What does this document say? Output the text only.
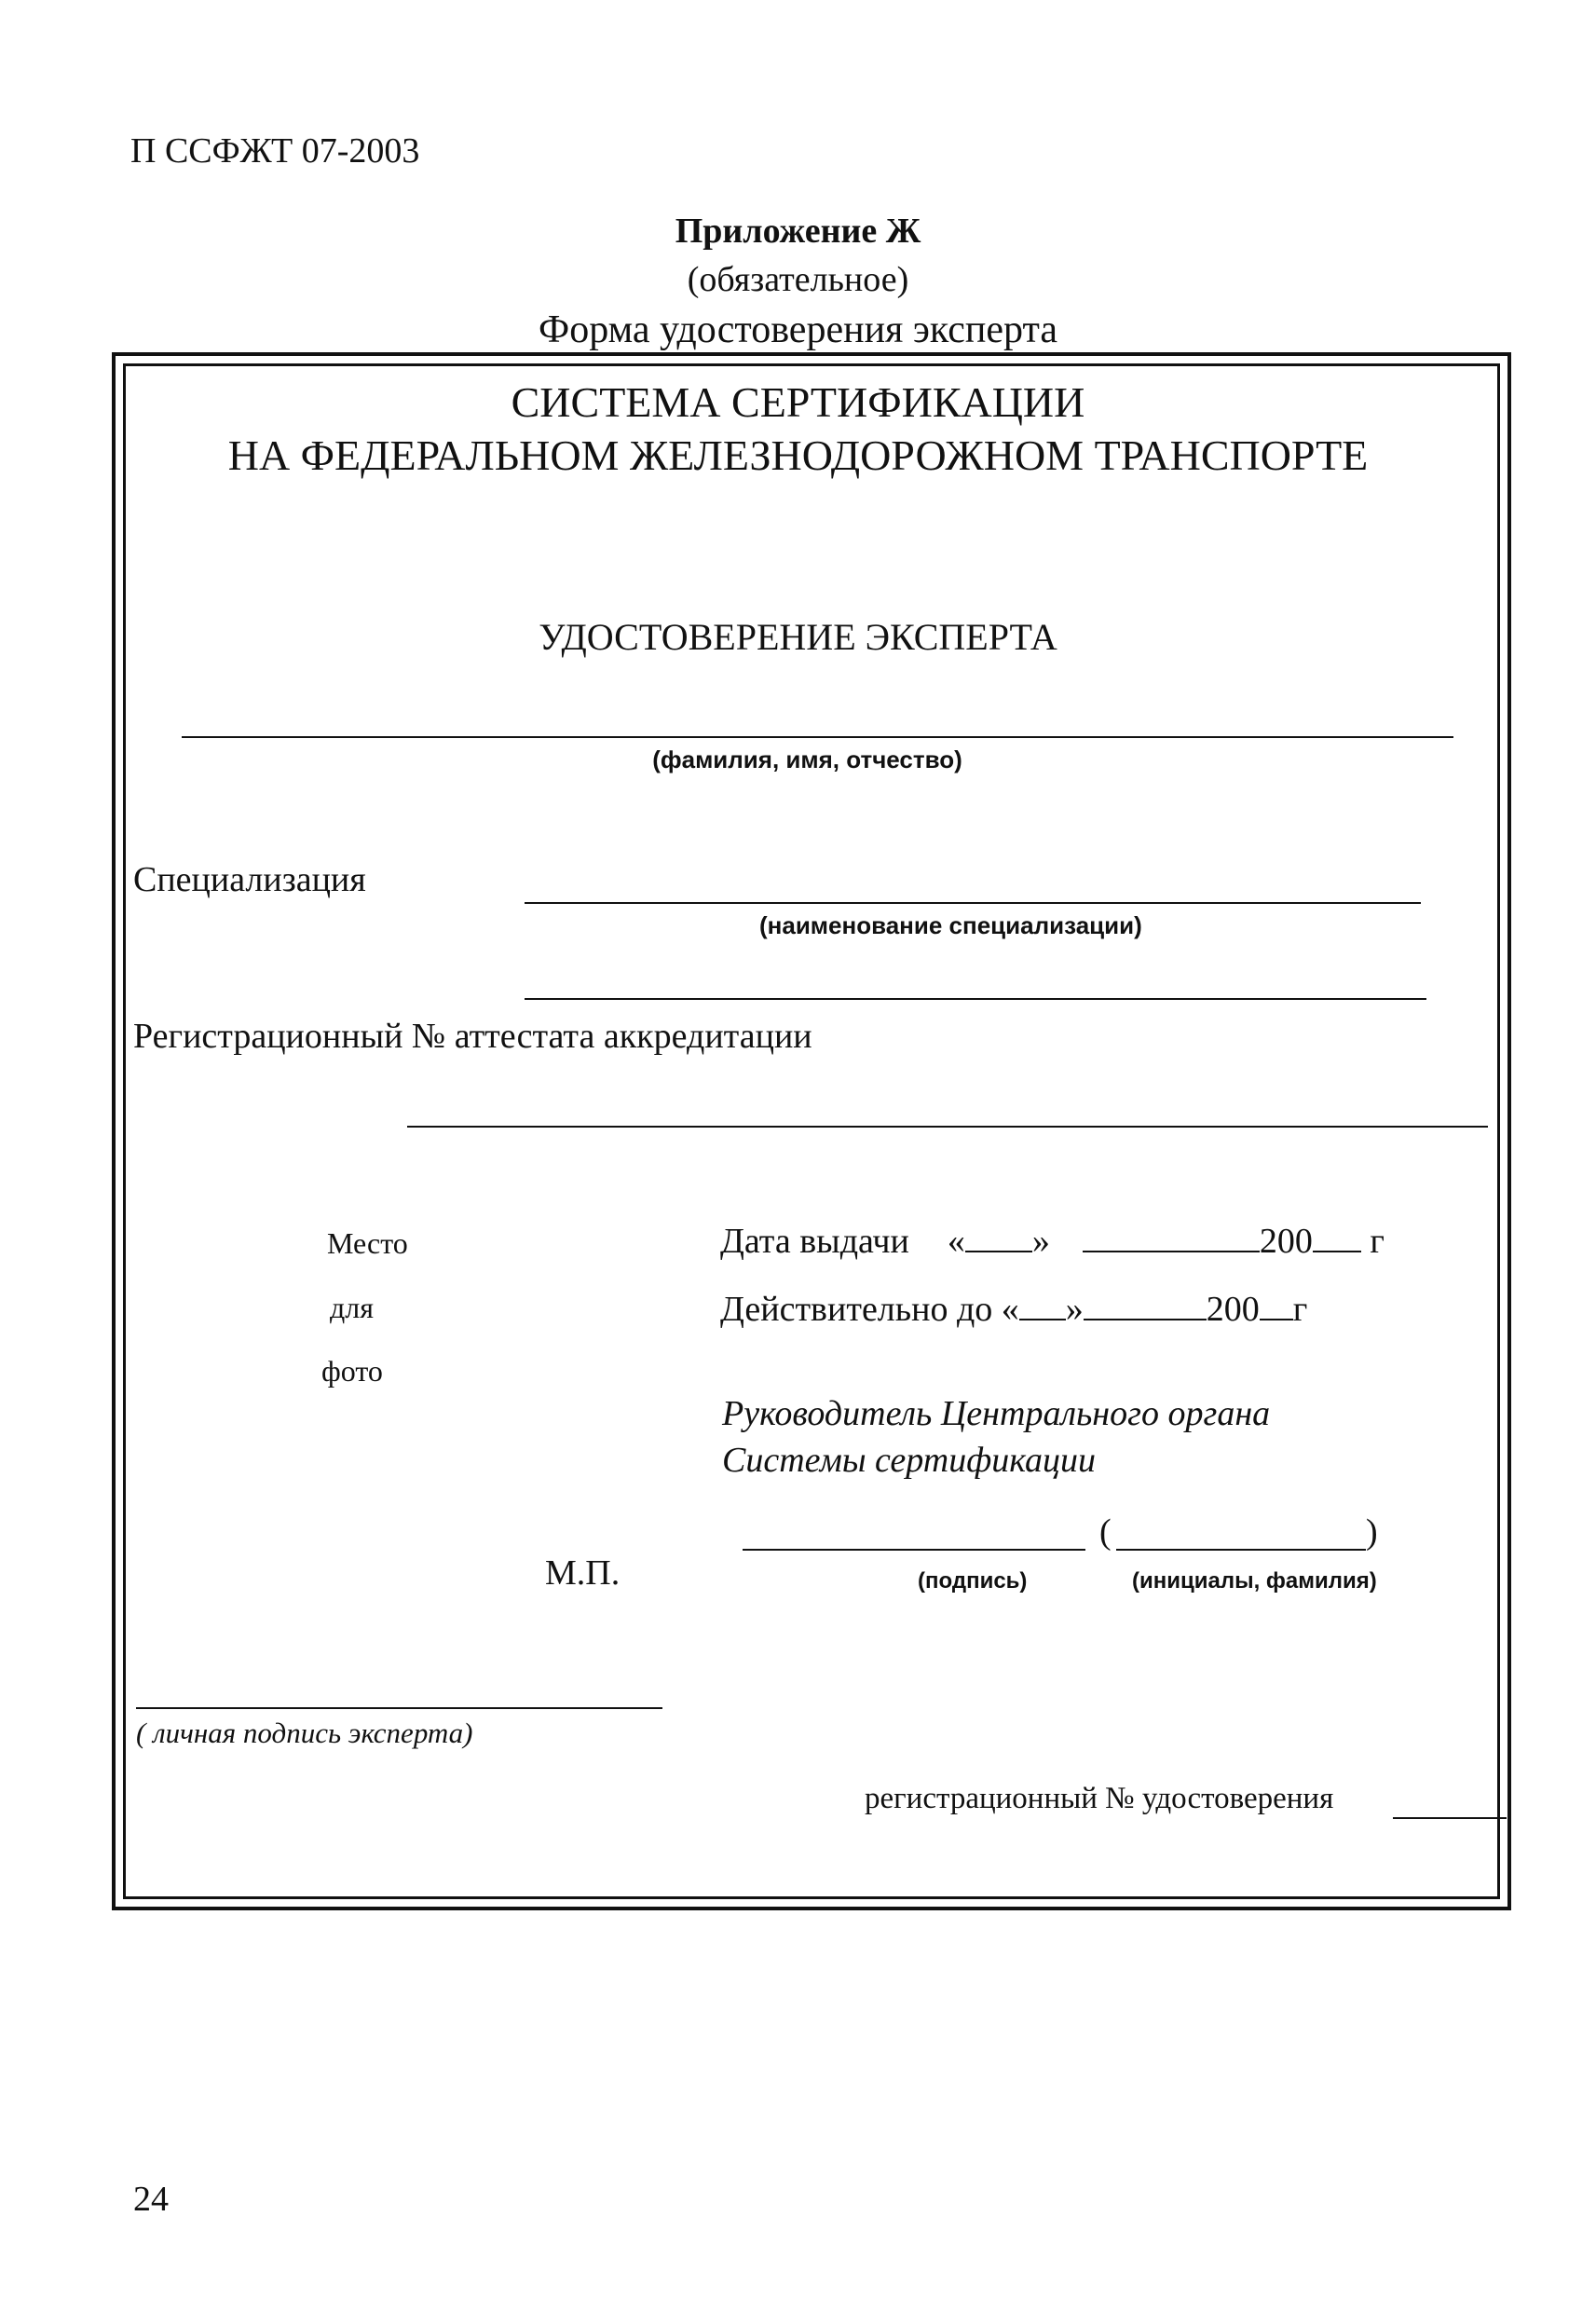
П ССФЖТ 07-2003
Приложение Ж
(обязательное)
Форма удостоверения эксперта
СИСТЕМА СЕРТИФИКАЦИИ
НА ФЕДЕРАЛЬНОМ ЖЕЛЕЗНОДОРОЖНОМ ТРАНСПОРТЕ
УДОСТОВЕРЕНИЕ ЭКСПЕРТА
(фамилия, имя, отчество)
Специализация
(наименование специализации)
Регистрационный № аттестата аккредитации
Место
для
фото
Дата выдачи « »	200 г
Действительно до « »	200 г
Руководитель Центрального органа
Системы сертификации
(	)
М.П.	(подпись)	(инициалы, фамилия)
( личная подпись эксперта)
регистрационный № удостоверения
24
